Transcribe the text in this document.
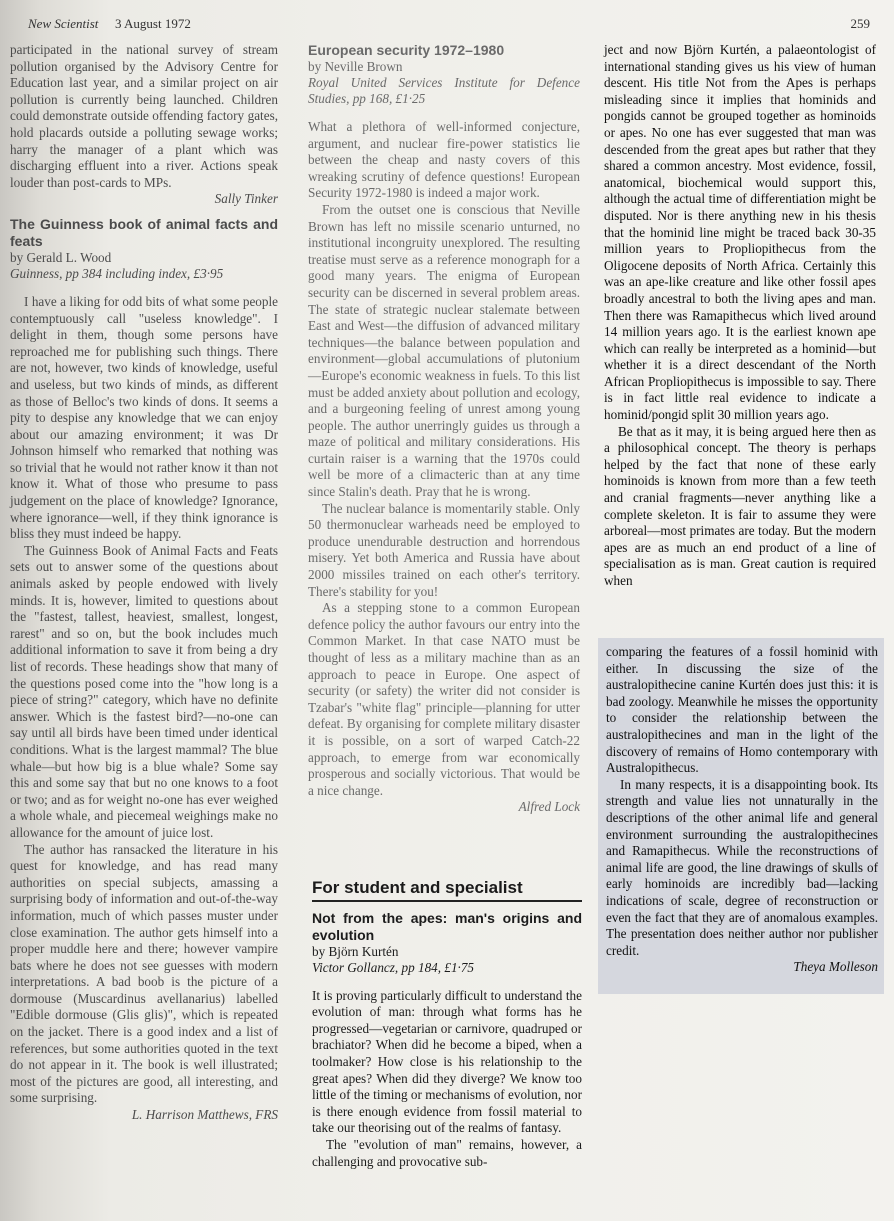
New Scientist 3 August 1972	259

participated in the national survey of stream pollution organised by the Advisory Centre for Education last year, and a similar project on air pollution is currently being launched. Children could demonstrate outside offending factory gates, hold placards outside a polluting sewage works; harry the manager of a plant which was discharging effluent into a river. Actions speak louder than post-cards to MPs.

Sally Tinker
The Guinness book of animal facts and feats
by Gerald L. Wood
Guinness, pp 384 including index, £3·95

I have a liking for odd bits of what some people contemptuously call "useless knowledge". I delight in them, though some persons have reproached me for publishing such things. There are not, however, two kinds of knowledge, useful and useless, but two kinds of minds, as different as those of Belloc's two kinds of dons. It seems a pity to despise any knowledge that we can enjoy about our amazing environment; it was Dr Johnson himself who remarked that nothing was so trivial that he would not rather know it than not know it. What of those who presume to pass judgement on the place of knowledge? Ignorance, where ignorance—well, if they think ignorance is bliss they must indeed be happy.

The Guinness Book of Animal Facts and Feats sets out to answer some of the questions about animals asked by people endowed with lively minds. It is, however, limited to questions about the "fastest, tallest, heaviest, smallest, longest, rarest" and so on, but the book includes much additional information to save it from being a dry list of records. These headings show that many of the questions posed come into the "how long is a piece of string?" category, which have no definite answer. Which is the fastest bird?—no-one can say until all birds have been timed under identical conditions. What is the largest mammal? The blue whale—but how big is a blue whale? Some say this and some say that but no one knows to a foot or two; and as for weight no-one has ever weighed a whole whale, and piecemeal weighings make no allowance for the amount of juice lost.

The author has ransacked the literature in his quest for knowledge, and has read many authorities on special subjects, amassing a surprising body of information and out-of-the-way information, much of which passes muster under close examination. The author gets himself into a proper muddle here and there; however vampire bats where he does not see guesses with modern interpretations. A bad boob is the picture of a dormouse (Muscardinus avellanarius) labelled "Edible dormouse (Glis glis)", which is repeated on the jacket. There is a good index and a list of references, but some authorities quoted in the text do not appear in it. The book is well illustrated; most of the pictures are good, all interesting, and some surprising.

L. Harrison Matthews, FRS
European security 1972–1980
by Neville Brown
Royal United Services Institute for Defence Studies, pp 168, £1·25

What a plethora of well-informed conjecture, argument, and nuclear fire-power statistics lie between the cheap and nasty covers of this wreaking scrutiny of defence questions! European Security 1972-1980 is indeed a major work.

From the outset one is conscious that Neville Brown has left no missile scenario unturned, no institutional incongruity unexplored. The resulting treatise must serve as a reference monograph for a good many years. The enigma of European security can be discerned in several problem areas. The state of strategic nuclear stalemate between East and West—the diffusion of advanced military techniques—the balance between population and environment—global accumulations of plutonium—Europe's economic weakness in fuels. To this list must be added anxiety about pollution and ecology, and a burgeoning feeling of unrest among young people. The author unerringly guides us through a maze of political and military considerations. His curtain raiser is a warning that the 1970s could well be more of a climacteric than at any time since Stalin's death. Pray that he is wrong.

The nuclear balance is momentarily stable. Only 50 thermonuclear warheads need be employed to produce unendurable destruction and horrendous misery. Yet both America and Russia have about 2000 missiles trained on each other's territory. There's stability for you!

As a stepping stone to a common European defence policy the author favours our entry into the Common Market. In that case NATO must be thought of less as a military machine than as an approach to peace in Europe. One aspect of security (or safety) the writer did not consider is Tzabar's "white flag" principle—planning for utter defeat. By organising for complete military disaster it is possible, on a sort of warped Catch-22 approach, to emerge from war economically prosperous and socially victorious. That would be a nice change.

Alfred Lock
For student and specialist
Not from the apes: man's origins and evolution
by Björn Kurtén
Victor Gollancz, pp 184, £1·75

It is proving particularly difficult to understand the evolution of man: through what forms has he progressed—vegetarian or carnivore, quadruped or brachiator? When did he become a biped, when a toolmaker? How close is his relationship to the great apes? When did they diverge? We know too little of the timing or mechanisms of evolution, nor is there enough evidence from fossil material to take our theorising out of the realms of fantasy.

The "evolution of man" remains, however, a challenging and provocative sub-

ject and now Björn Kurtén, a palaeontologist of international standing gives us his view of human descent. His title Not from the Apes is perhaps misleading since it implies that hominids and pongids cannot be grouped together as hominoids or apes. No one has ever suggested that man was descended from the great apes but rather that they shared a common ancestry. Most evidence, fossil, anatomical, biochemical would support this, although the actual time of differentiation might be disputed. Nor is there anything new in his thesis that the hominid line might be traced back 30-35 million years to Propliopithecus from the Oligocene deposits of North Africa. Certainly this was an ape-like creature and like other fossil apes broadly ancestral to both the living apes and man. Then there was Ramapithecus which lived around 14 million years ago. It is the earliest known ape which can really be interpreted as a hominid—but whether it is a direct descendant of the North African Propliopithecus is impossible to say. There is in fact little real evidence to indicate a hominid/pongid split 30 million years ago.

Be that as it may, it is being argued here then as a philosophical concept. The theory is perhaps helped by the fact that none of these early hominoids is known from more than a few teeth and cranial fragments—never anything like a complete skeleton. It is fair to assume they were arboreal—most primates are today. But the modern apes are as much an end product of a line of specialisation as is man. Great caution is required when

comparing the features of a fossil hominid with either. In discussing the size of the australopithecine canine Kurtén does just this: it is bad zoology. Meanwhile he misses the opportunity to consider the relationship between the australopithecines and man in the light of the discovery of remains of Homo contemporary with Australopithecus.

In many respects, it is a disappointing book. Its strength and value lies not unnaturally in the descriptions of the other animal life and general environment surrounding the australopithecines and Ramapithecus. While the reconstructions of animal life are good, the line drawings of skulls of early hominoids are incredibly bad—lacking indications of scale, degree of reconstruction or even the fact that they are of anomalous examples. The presentation does neither author nor publisher credit.

Theya Molleson
